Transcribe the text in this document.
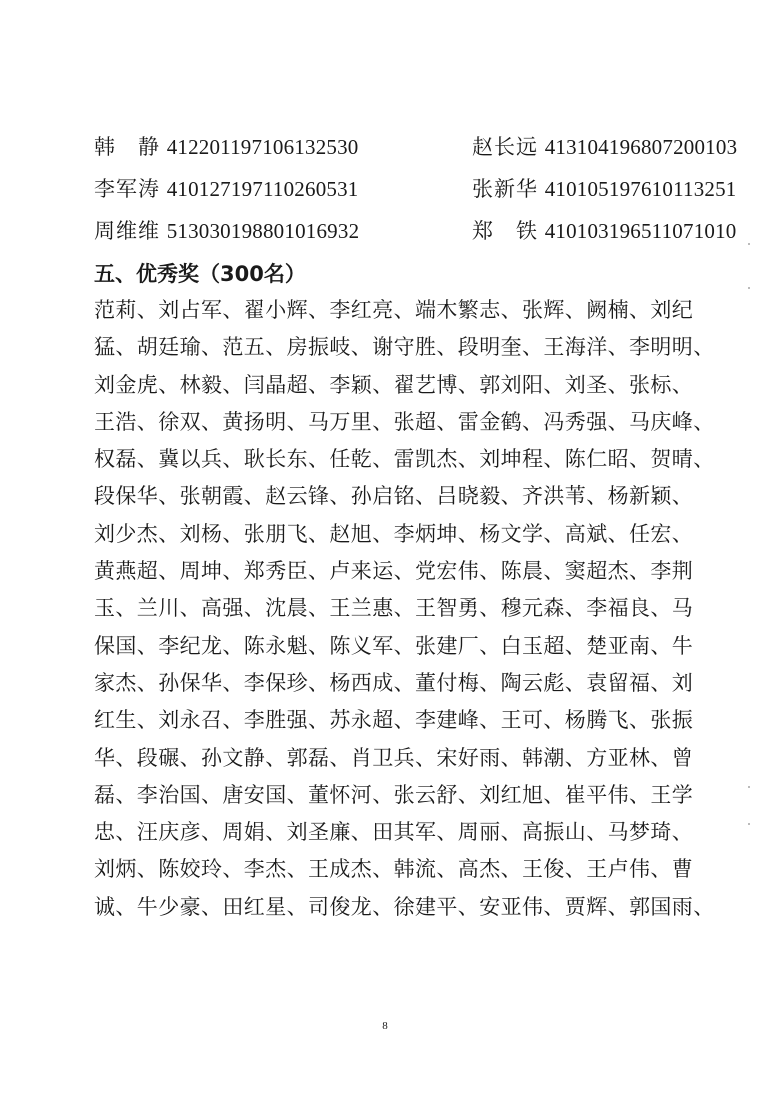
韩　静 412201197106132530	赵长远 413104196807200103
李军涛 410127197110260531	张新华 410105197610113251
周维维 513030198801016932	郑　铁 410103196511071010
五、优秀奖（300名）
范莉、刘占军、翟小辉、李红亮、端木繁志、张辉、阙楠、刘纪
猛、胡廷瑜、范五、房振岐、谢守胜、段明奎、王海洋、李明明、
刘金虎、林毅、闫晶超、李颖、翟艺博、郭刘阳、刘圣、张标、
王浩、徐双、黄扬明、马万里、张超、雷金鹤、冯秀强、马庆峰、
权磊、冀以兵、耿长东、任乾、雷凯杰、刘坤程、陈仁昭、贺晴、
段保华、张朝霞、赵云锋、孙启铭、吕晓毅、齐洪苇、杨新颖、
刘少杰、刘杨、张朋飞、赵旭、李炳坤、杨文学、高斌、任宏、
黄燕超、周坤、郑秀臣、卢来运、党宏伟、陈晨、窦超杰、李荆
玉、兰川、高强、沈晨、王兰惠、王智勇、穆元森、李福良、马
保国、李纪龙、陈永魁、陈义军、张建厂、白玉超、楚亚南、牛
家杰、孙保华、李保珍、杨西成、董付梅、陶云彪、袁留福、刘
红生、刘永召、李胜强、苏永超、李建峰、王可、杨腾飞、张振
华、段碾、孙文静、郭磊、肖卫兵、宋好雨、韩潮、方亚林、曾
磊、李治国、唐安国、董怀河、张云舒、刘红旭、崔平伟、王学
忠、汪庆彦、周娟、刘圣廉、田其军、周丽、高振山、马梦琦、
刘炳、陈姣玲、李杰、王成杰、韩流、高杰、王俊、王卢伟、曹
诚、牛少豪、田红星、司俊龙、徐建平、安亚伟、贾辉、郭国雨、
8
